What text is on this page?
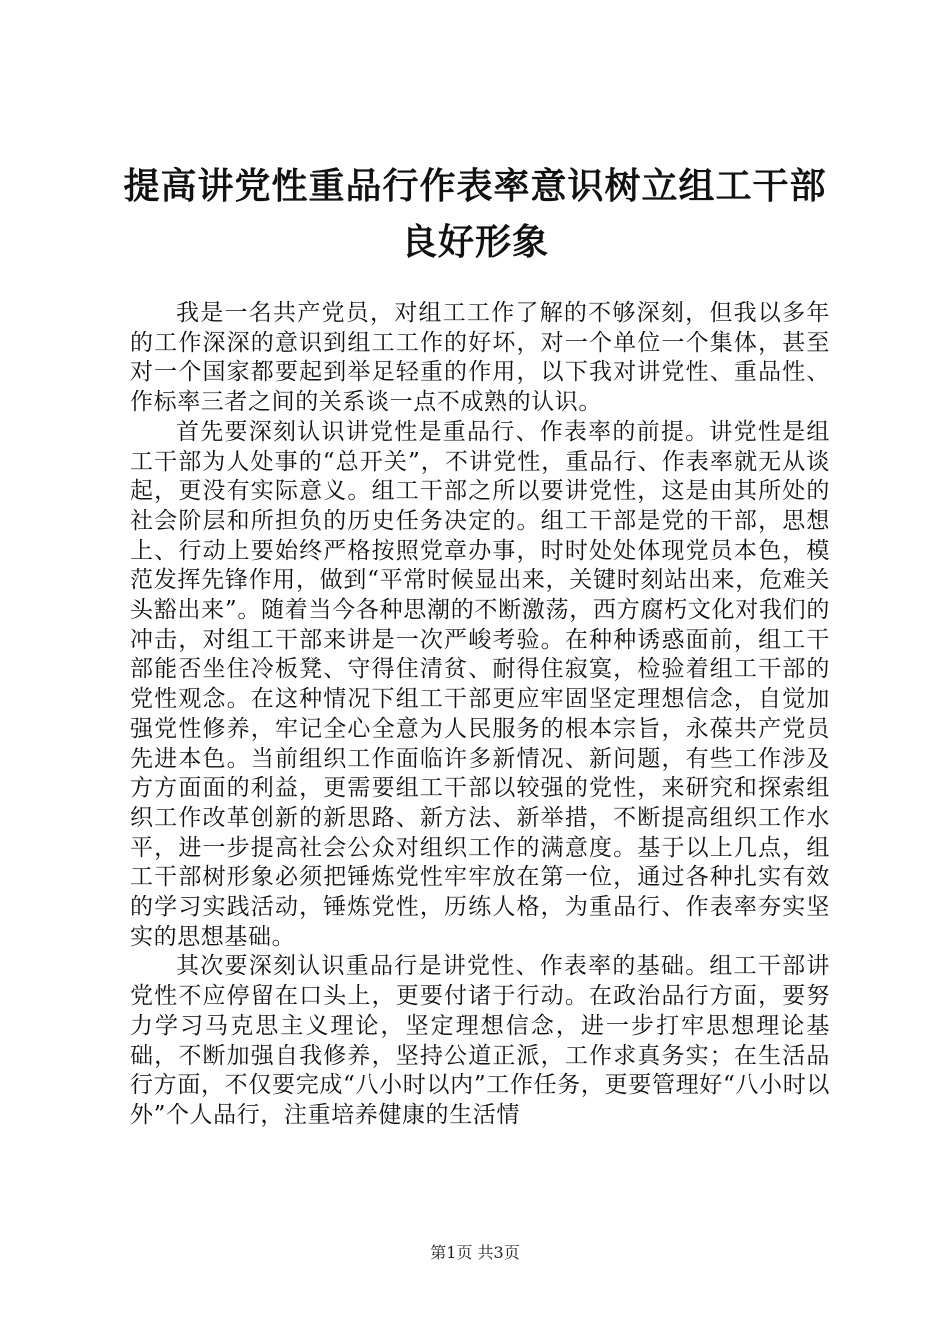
提高讲党性重品行作表率意识树立组工干部良好形象

我是一名共产党员，对组工工作了解的不够深刻，但我以多年的工作深深的意识到组工工作的好坏，对一个单位一个集体，甚至对一个国家都要起到举足轻重的作用，以下我对讲党性、重品性、作标率三者之间的关系谈一点不成熟的认识。

首先要深刻认识讲党性是重品行、作表率的前提。讲党性是组工干部为人处事的“总开关”，不讲党性，重品行、作表率就无从谈起，更没有实际意义。组工干部之所以要讲党性，这是由其所处的社会阶层和所担负的历史任务决定的。组工干部是党的干部，思想上、行动上要始终严格按照党章办事，时时处处体现党员本色，模范发挥先锋作用，做到“平常时候显出来，关键时刻站出来，危难关头豁出来”。随着当今各种思潮的不断激荡，西方腐朽文化对我们的冲击，对组工干部来讲是一次严峻考验。在种种诱惑面前，组工干部能否坐住冷板凳、守得住清贫、耐得住寂寞，检验着组工干部的党性观念。在这种情况下组工干部更应牢固坚定理想信念，自觉加强党性修养，牢记全心全意为人民服务的根本宗旨，永葆共产党员先进本色。当前组织工作面临许多新情况、新问题，有些工作涉及方方面面的利益，更需要组工干部以较强的党性，来研究和探索组织工作改革创新的新思路、新方法、新举措，不断提高组织工作水平，进一步提高社会公众对组织工作的满意度。基于以上几点，组工干部树形象必须把锤炼党性牢牢放在第一位，通过各种扎实有效的学习实践活动，锤炼党性，历练人格，为重品行、作表率夯实坚实的思想基础。

其次要深刻认识重品行是讲党性、作表率的基础。组工干部讲党性不应停留在口头上，更要付诸于行动。在政治品行方面，要努力学习马克思主义理论，坚定理想信念，进一步打牢思想理论基础，不断加强自我修养，坚持公道正派，工作求真务实；在生活品行方面，不仅要完成“八小时以内”工作任务，更要管理好“八小时以外”个人品行，注重培养健康的生活情

第1页 共3页
